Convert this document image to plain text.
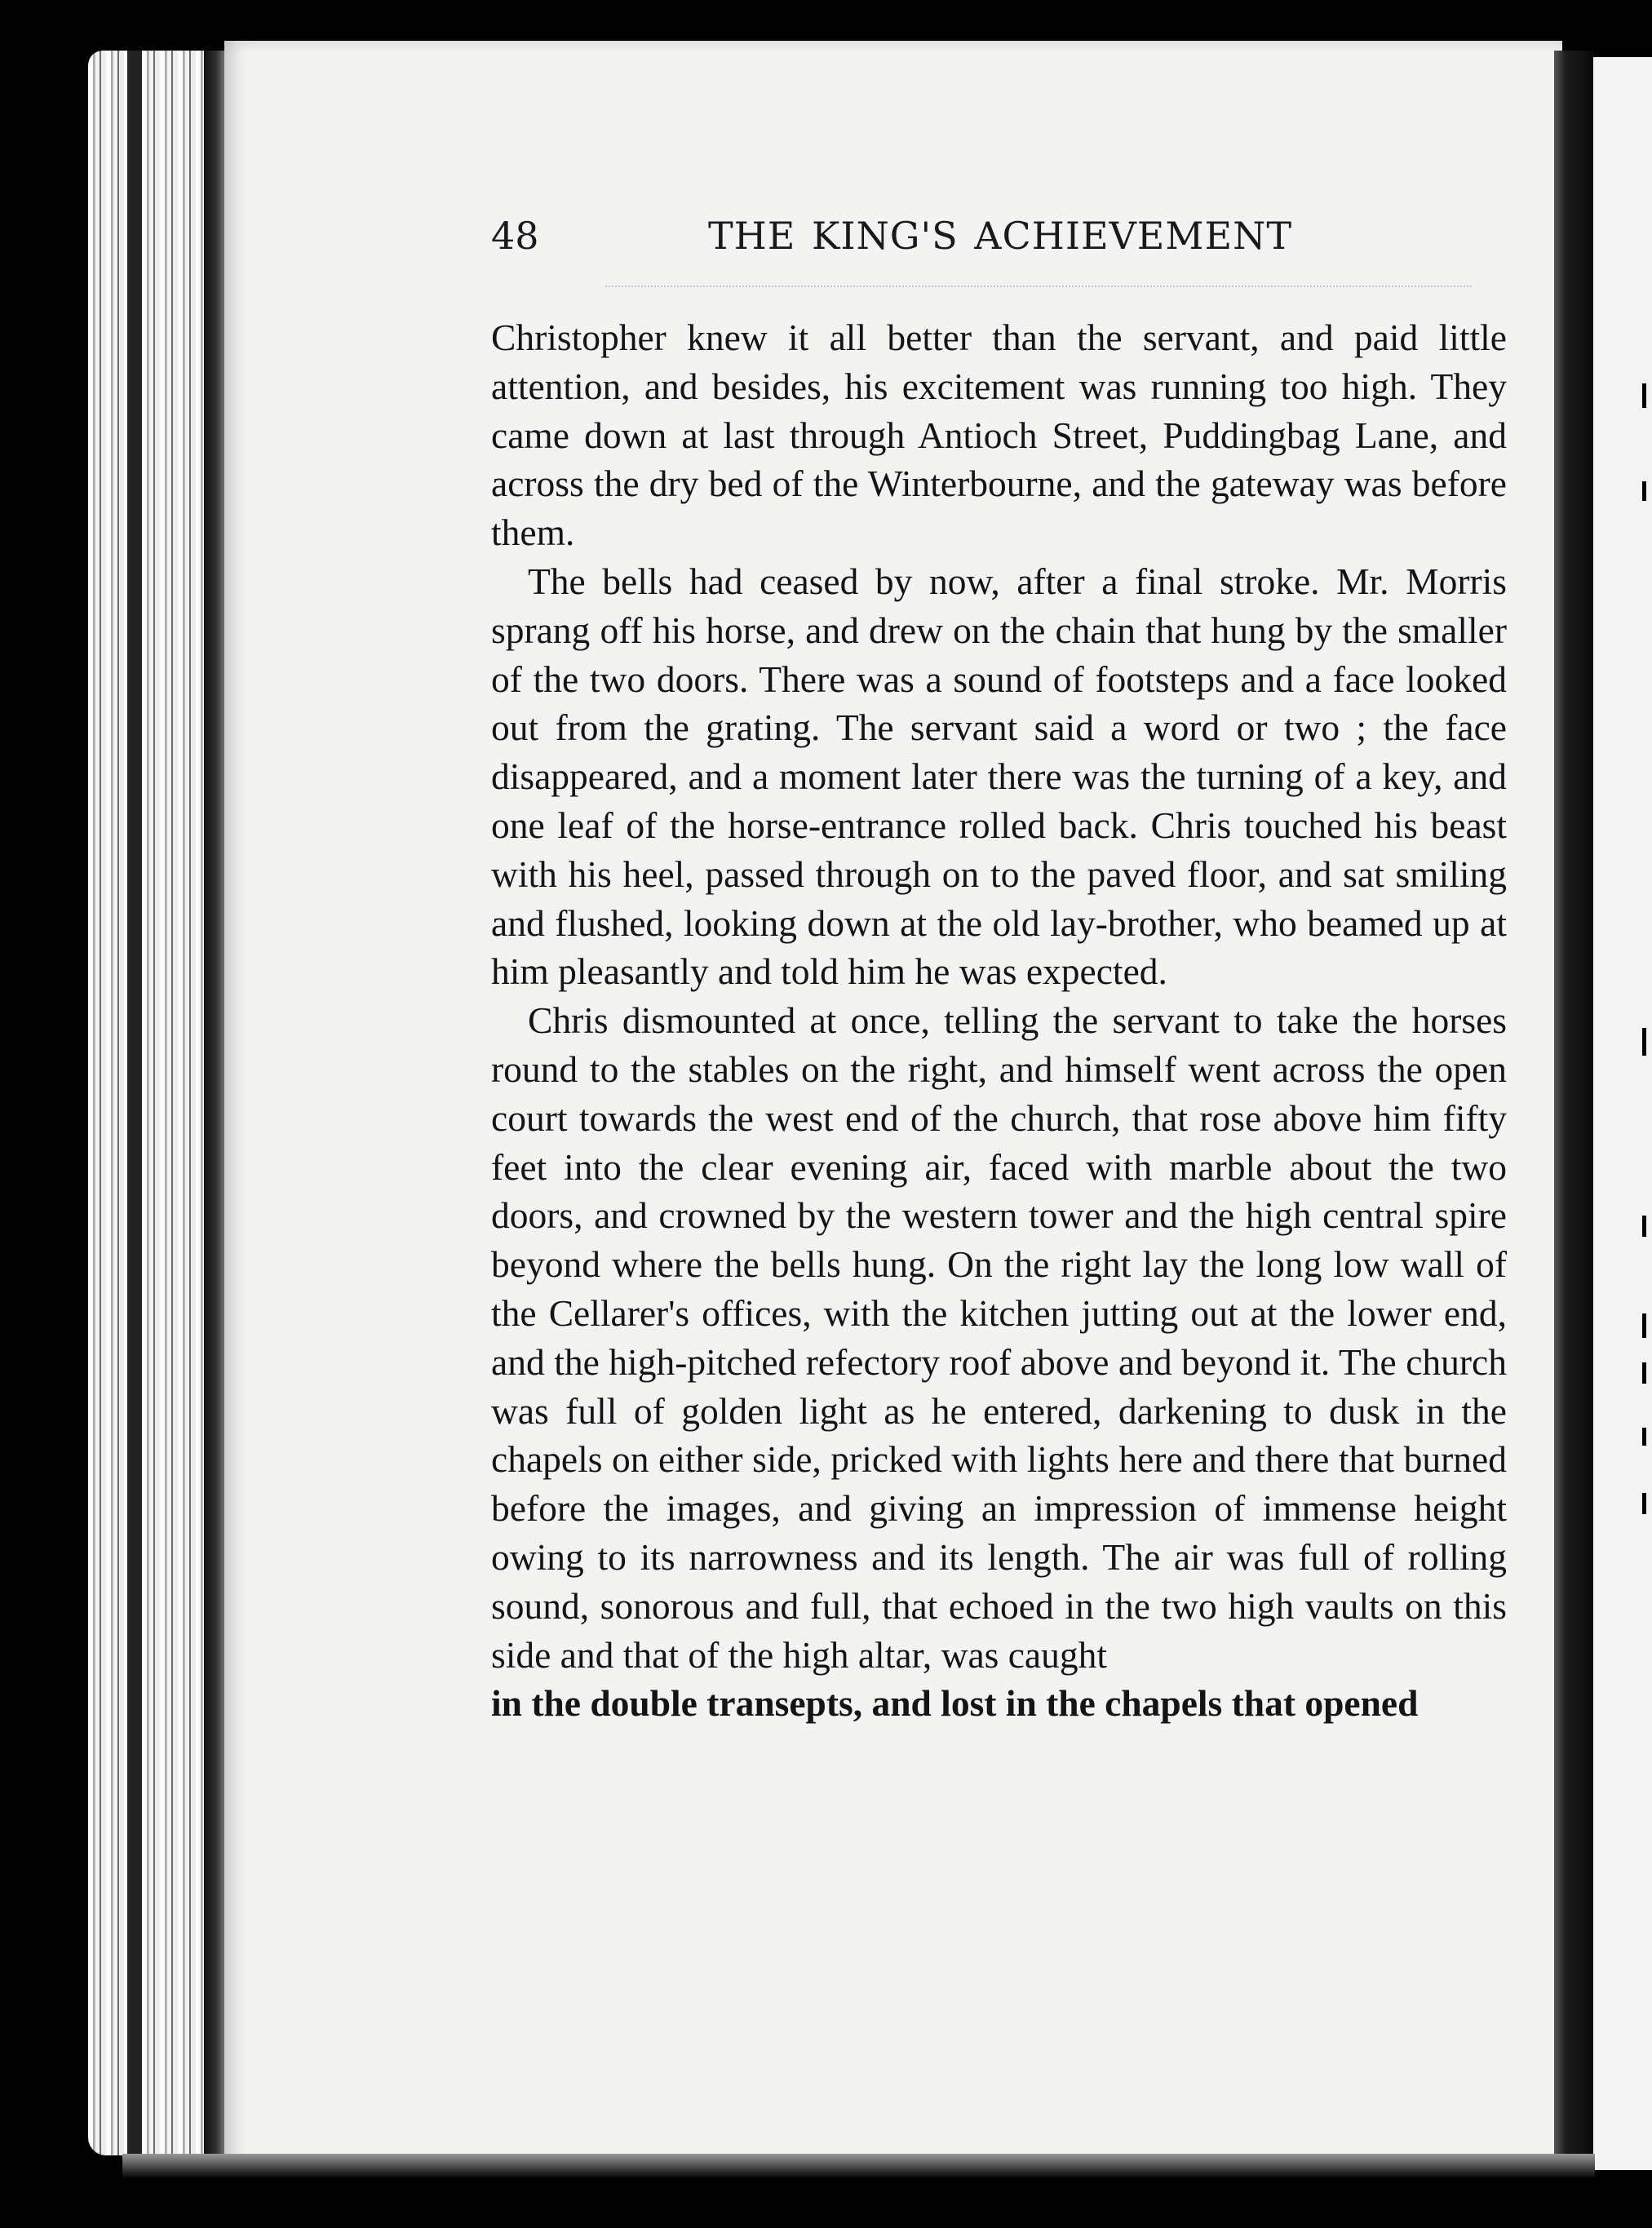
48	THE KING'S ACHIEVEMENT

Christopher knew it all better than the servant, and paid little attention, and besides, his excitement was running too high. They came down at last through Antioch Street, Puddingbag Lane, and across the dry bed of the Winterbourne, and the gateway was before them.

The bells had ceased by now, after a final stroke. Mr. Morris sprang off his horse, and drew on the chain that hung by the smaller of the two doors. There was a sound of footsteps and a face looked out from the grating. The servant said a word or two ; the face disappeared, and a moment later there was the turning of a key, and one leaf of the horse-entrance rolled back. Chris touched his beast with his heel, passed through on to the paved floor, and sat smiling and flushed, looking down at the old lay-brother, who beamed up at him pleasantly and told him he was expected.

Chris dismounted at once, telling the servant to take the horses round to the stables on the right, and himself went across the open court towards the west end of the church, that rose above him fifty feet into the clear evening air, faced with marble about the two doors, and crowned by the western tower and the high central spire beyond where the bells hung. On the right lay the long low wall of the Cellarer's offices, with the kitchen jutting out at the lower end, and the high-pitched refectory roof above and beyond it. The church was full of golden light as he entered, darkening to dusk in the chapels on either side, pricked with lights here and there that burned before the images, and giving an impression of immense height owing to its narrowness and its length. The air was full of rolling sound, sonorous and full, that echoed in the two high vaults on this side and that of the high altar, was caught

in the double transepts, and lost in the chapels that opened
